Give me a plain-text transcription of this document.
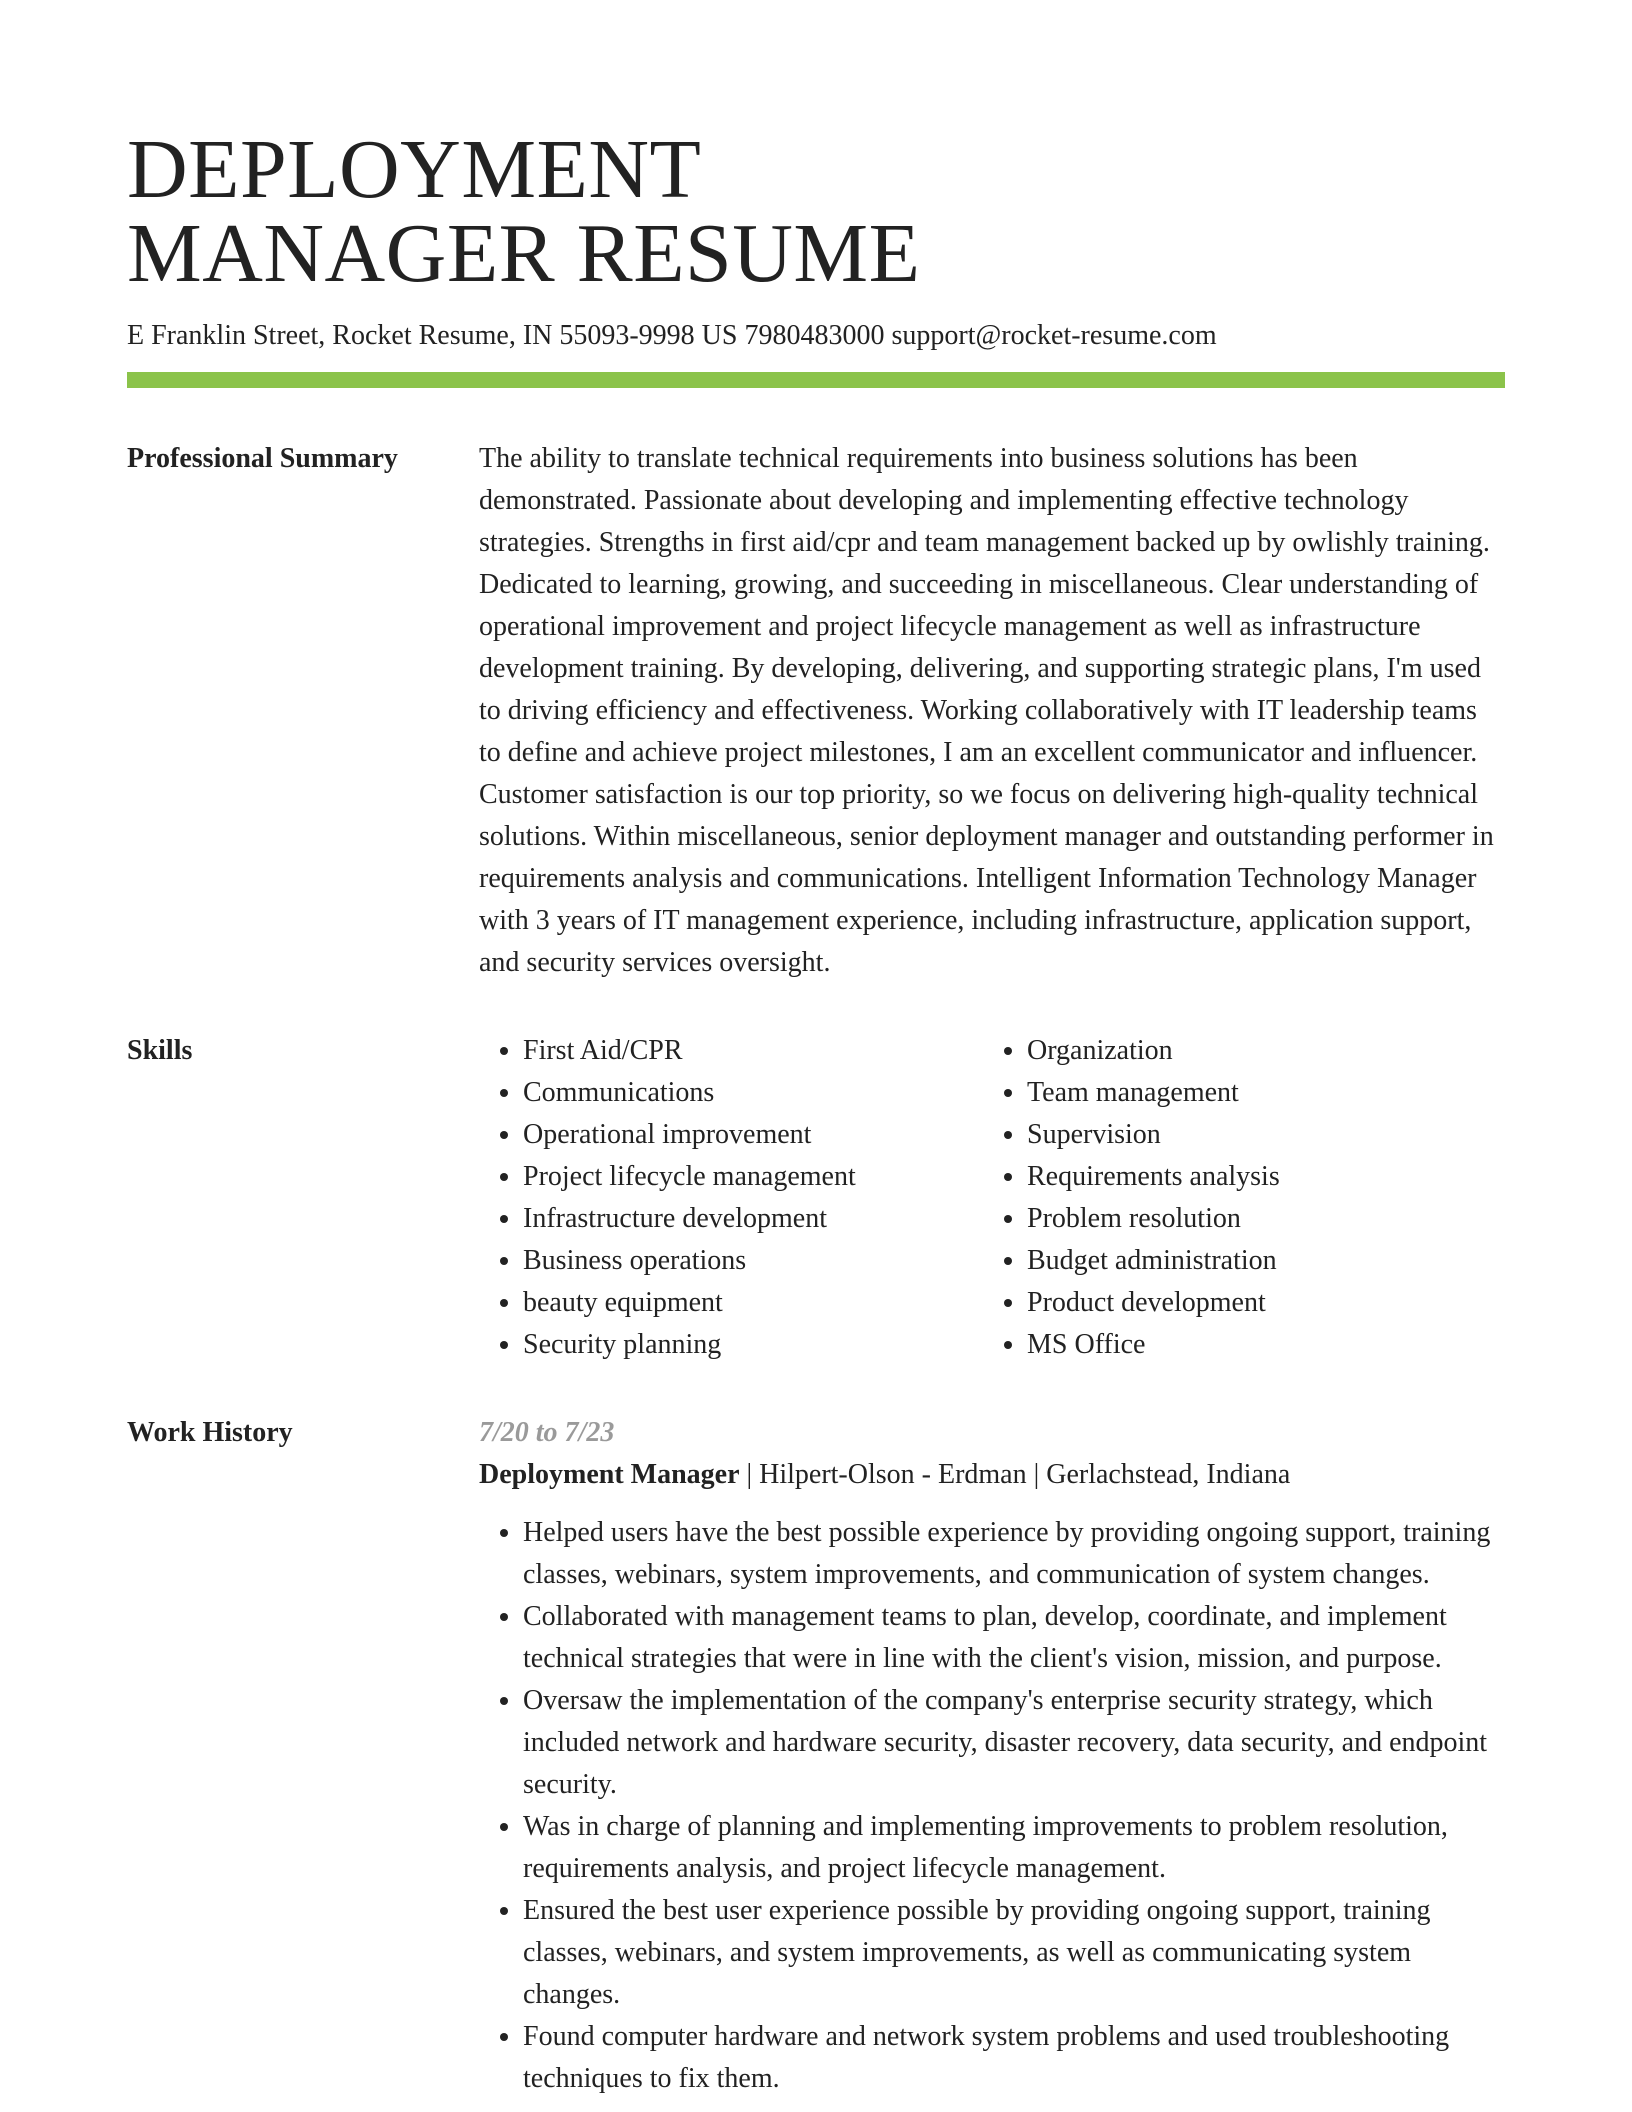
DEPLOYMENT
MANAGER RESUME
E Franklin Street, Rocket Resume, IN 55093-9998 US 7980483000 support@rocket-resume.com
Professional Summary	The ability to translate technical requirements into business solutions has been demonstrated. Passionate about developing and implementing effective technology strategies. Strengths in first aid/cpr and team management backed up by owlishly training. Dedicated to learning, growing, and succeeding in miscellaneous. Clear understanding of operational improvement and project lifecycle management as well as infrastructure development training. By developing, delivering, and supporting strategic plans, I'm used to driving efficiency and effectiveness. Working collaboratively with IT leadership teams to define and achieve project milestones, I am an excellent communicator and influencer. Customer satisfaction is our top priority, so we focus on delivering high-quality technical solutions. Within miscellaneous, senior deployment manager and outstanding performer in requirements analysis and communications. Intelligent Information Technology Manager with 3 years of IT management experience, including infrastructure, application support, and security services oversight.

Skills
•	First Aid/CPR
• Communications
• Operational improvement
• Project lifecycle management
• Infrastructure development
• Business operations
• beauty equipment
• Security planning
• Organization
• Team management
• Supervision
• Requirements analysis
• Problem resolution
• Budget administration
• Product development
• MS Office
Work History	7/20 to 7/23
Deployment Manager | Hilpert-Olson - Erdman | Gerlachstead, Indiana
• Helped users have the best possible experience by providing ongoing support, training classes, webinars, system improvements, and communication of system changes.
• Collaborated with management teams to plan, develop, coordinate, and implement technical strategies that were in line with the client's vision, mission, and purpose.
• Oversaw the implementation of the company's enterprise security strategy, which included network and hardware security, disaster recovery, data security, and endpoint security.
• Was in charge of planning and implementing improvements to problem resolution, requirements analysis, and project lifecycle management.
• Ensured the best user experience possible by providing ongoing support, training classes, webinars, and system improvements, as well as communicating system changes.
• Found computer hardware and network system problems and used troubleshooting techniques to fix them.
